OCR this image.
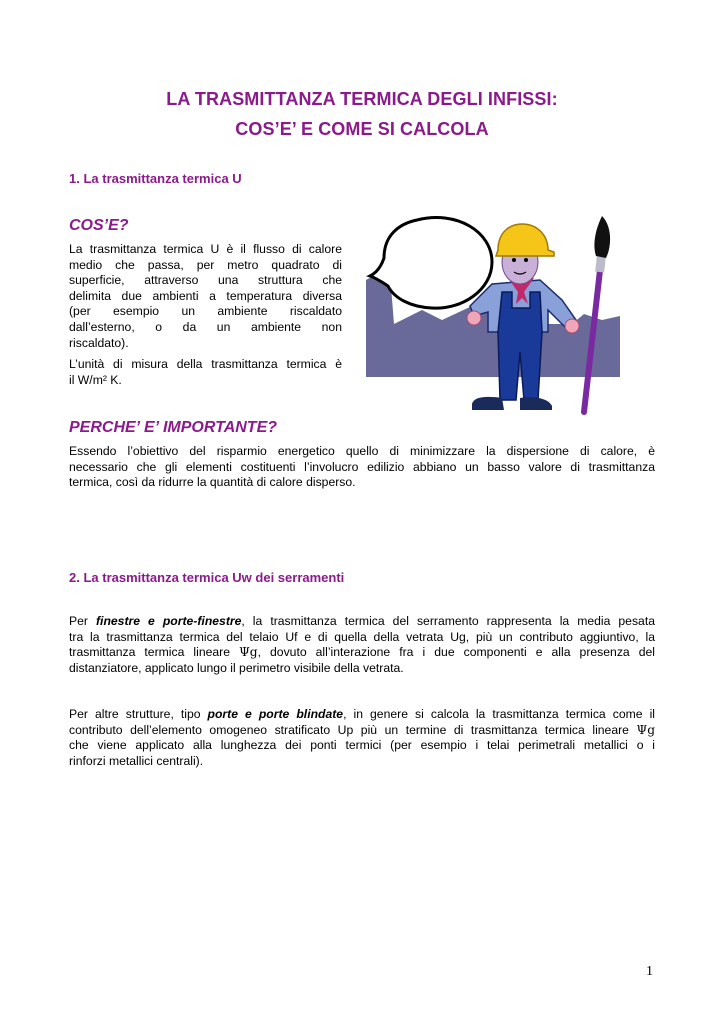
LA TRASMITTANZA TERMICA DEGLI INFISSI:
COS’E’ E COME SI CALCOLA
1. La trasmittanza termica U
COS’E?
La trasmittanza termica U è il flusso di calore
medio che passa, per metro quadrato di
superficie, attraverso una struttura che
delimita due ambienti a temperatura diversa
(per esempio un ambiente riscaldato
dall’esterno, o da un ambiente non
riscaldato).
L’unità di misura della trasmittanza termica è
il W/m² K.
PERCHE’ E’ IMPORTANTE?
Essendo l’obiettivo del risparmio energetico quello di minimizzare la dispersione di calore, è
necessario che gli elementi costituenti l’involucro edilizio abbiano un basso valore di trasmittanza
termica, così da ridurre la quantità di calore disperso.
2. La trasmittanza termica Uw dei serramenti
Per finestre e porte-finestre, la trasmittanza termica del serramento rappresenta la media pesata
tra la trasmittanza termica del telaio Uf e di quella della vetrata Ug, più un contributo aggiuntivo, la
trasmittanza termica lineare Ψg, dovuto all’interazione fra i due componenti e alla presenza del
distanziatore, applicato lungo il perimetro visibile della vetrata.
Per altre strutture, tipo porte e porte blindate, in genere si calcola la trasmittanza termica come il
contributo dell’elemento omogeneo stratificato Up più un termine di trasmittanza termica lineare Ψg
che viene applicato alla lunghezza dei ponti termici (per esempio i telai perimetrali metallici o i
rinforzi metallici centrali).
1
